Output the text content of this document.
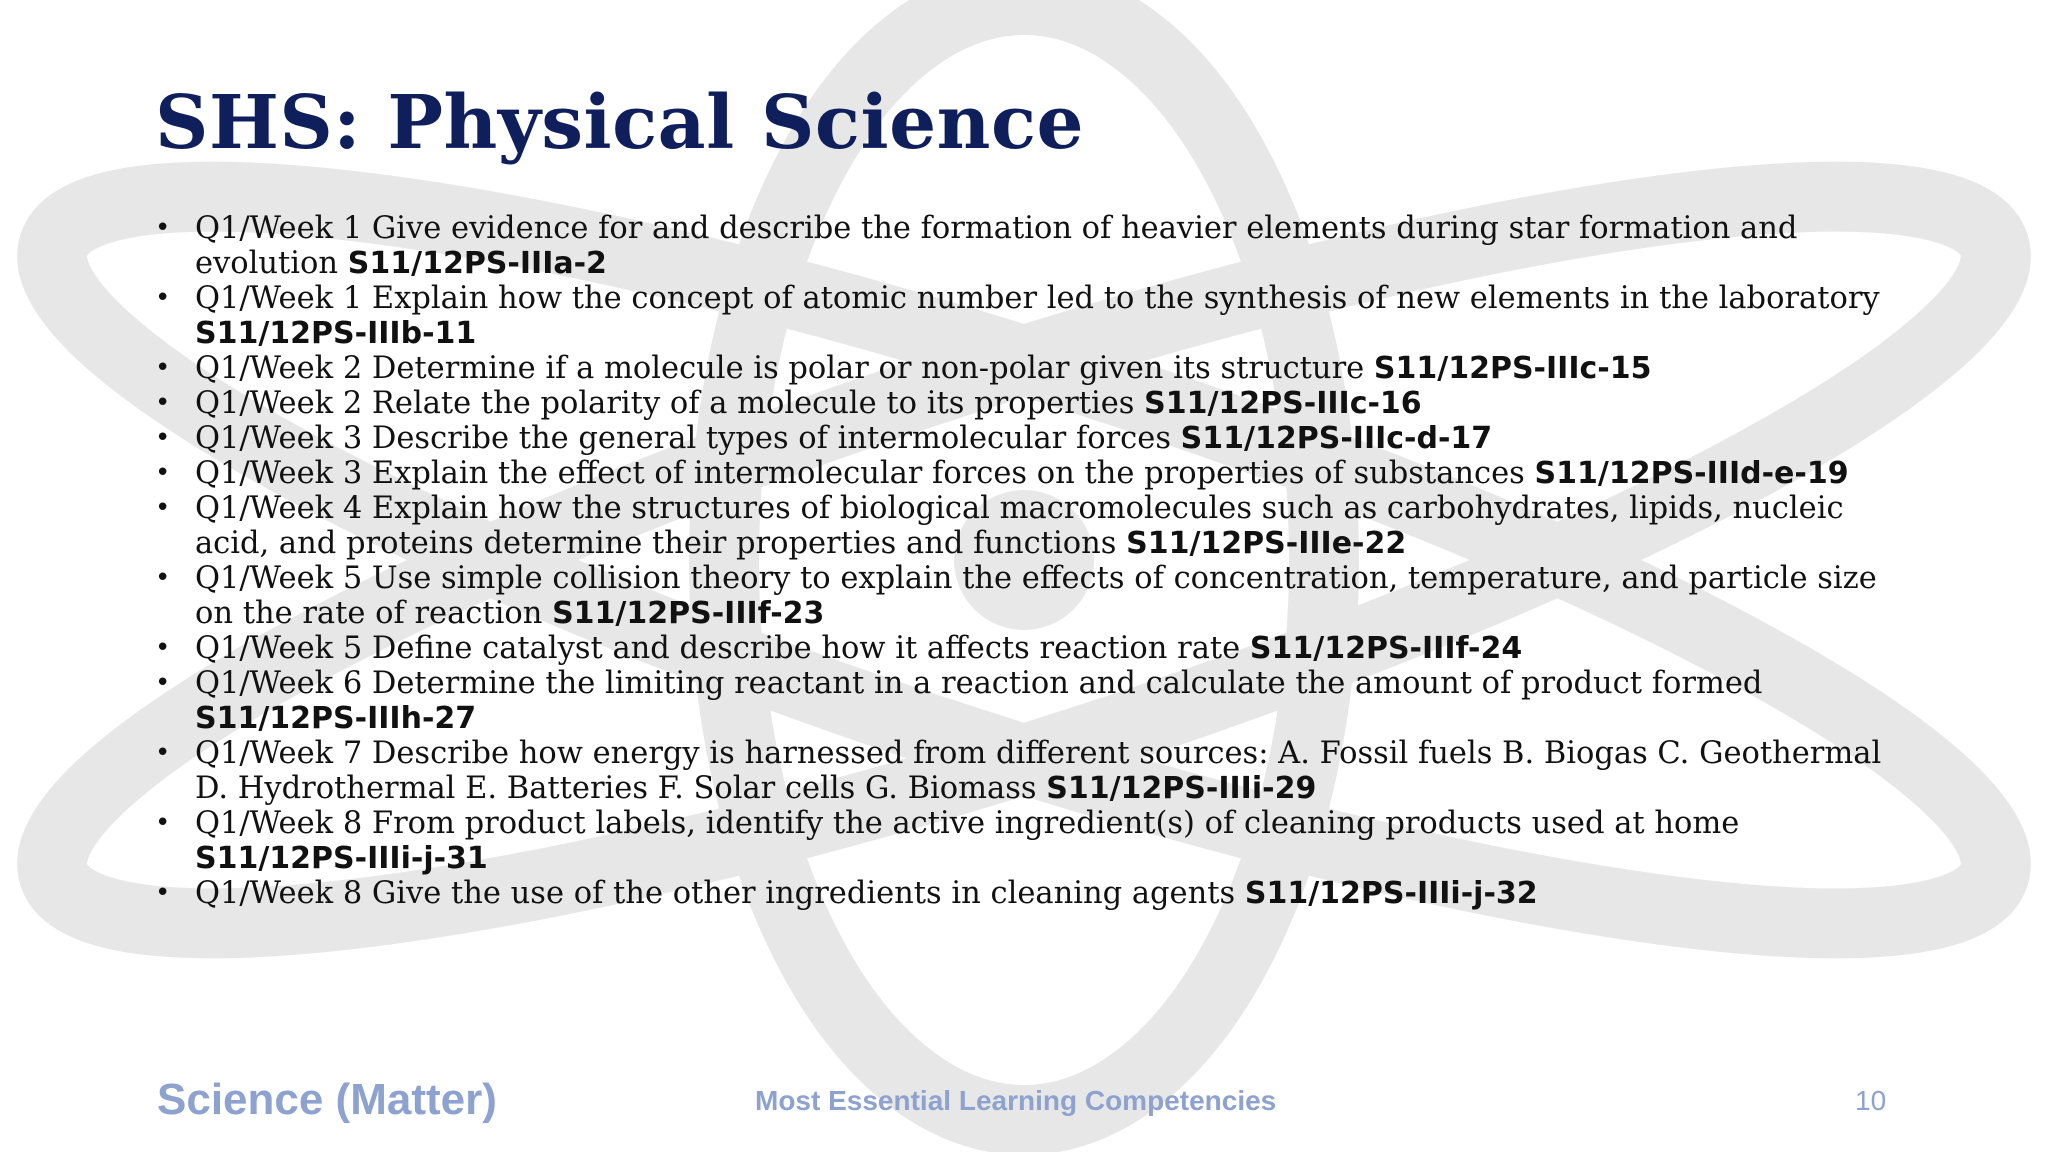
SHS: Physical Science
• Q1/Week 1 Give evidence for and describe the formation of heavier elements during star formation and evolution S11/12PS-IIIa-2
• Q1/Week 1 Explain how the concept of atomic number led to the synthesis of new elements in the laboratory S11/12PS-IIIb-11
• Q1/Week 2 Determine if a molecule is polar or non-polar given its structure S11/12PS-IIIc-15
• Q1/Week 2 Relate the polarity of a molecule to its properties S11/12PS-IIIc-16
• Q1/Week 3 Describe the general types of intermolecular forces S11/12PS-IIIc-d-17
• Q1/Week 3 Explain the effect of intermolecular forces on the properties of substances S11/12PS-IIId-e-19
• Q1/Week 4 Explain how the structures of biological macromolecules such as carbohydrates, lipids, nucleic acid, and proteins determine their properties and functions S11/12PS-IIIe-22
• Q1/Week 5 Use simple collision theory to explain the effects of concentration, temperature, and particle size on the rate of reaction S11/12PS-IIIf-23
• Q1/Week 5 Define catalyst and describe how it affects reaction rate S11/12PS-IIIf-24
• Q1/Week 6 Determine the limiting reactant in a reaction and calculate the amount of product formed S11/12PS-IIIh-27
• Q1/Week 7 Describe how energy is harnessed from different sources: A. Fossil fuels B. Biogas C. Geothermal D. Hydrothermal E. Batteries F. Solar cells G. Biomass S11/12PS-IIIi-29
• Q1/Week 8 From product labels, identify the active ingredient(s) of cleaning products used at home S11/12PS-IIIi-j-31
• Q1/Week 8 Give the use of the other ingredients in cleaning agents S11/12PS-IIIi-j-32
Science (Matter)	Most Essential Learning Competencies	10
